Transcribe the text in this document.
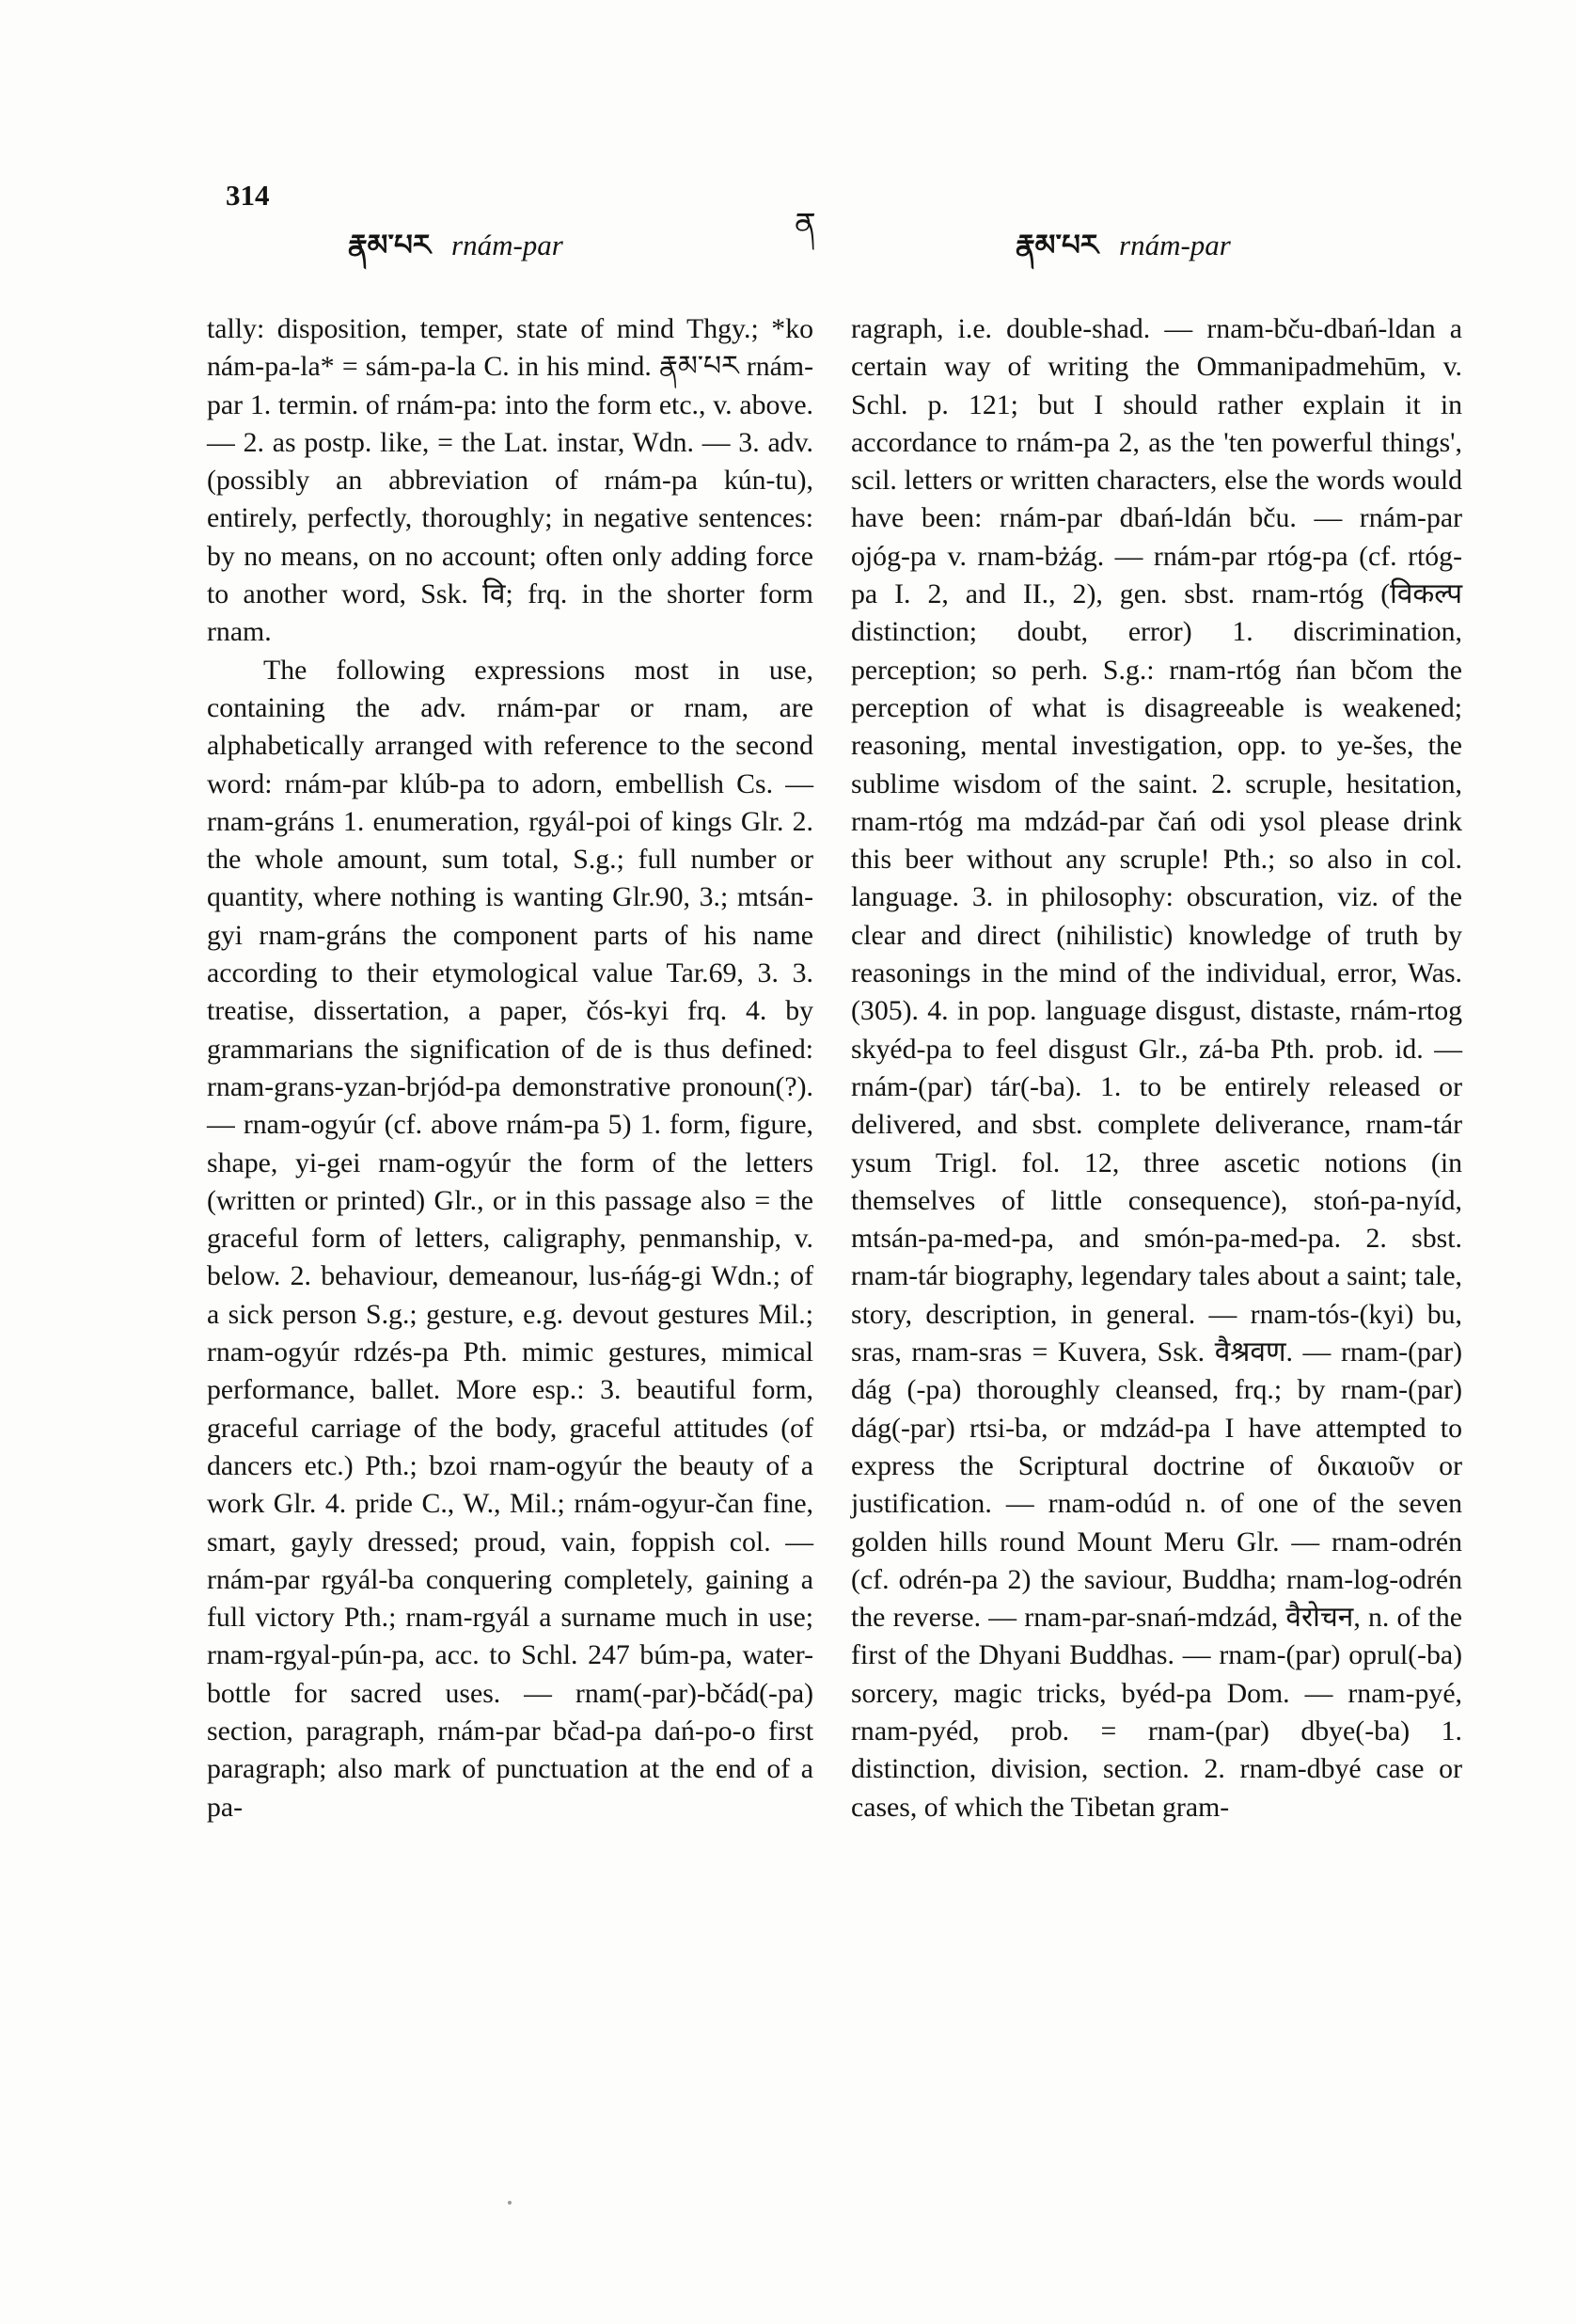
314
རྣམ་པར rnám-par
ན
རྣམ་པར rnám-par

tally: disposition, temper, state of mind Thgy.; *ko nám-pa-la* = sám-pa-la C. in his mind. རྣམ་པར rnám-par 1. termin. of rnám-pa: into the form etc., v. above. — 2. as postp. like, = the Lat. instar, Wdn. — 3. adv. (possibly an abbreviation of rnám-pa kún-tu), entirely, perfectly, thoroughly; in negative sentences: by no means, on no account; often only adding force to another word, Ssk. वि; frq. in the shorter form rnam.

The following expressions most in use, containing the adv. rnám-par or rnam, are alphabetically arranged with reference to the second word: rnám-par klúb-pa to adorn, embellish Cs. — rnam-gráns 1. enumeration, rgyál-poi of kings Glr. 2. the whole amount, sum total, S.g.; full number or quantity, where nothing is wanting Glr.90, 3.; mtsán-gyi rnam-gráns the component parts of his name according to their etymological value Tar.69, 3. 3. treatise, dissertation, a paper, čós-kyi frq. 4. by grammarians the signification of de is thus defined: rnam-grans-yzan-brjód-pa demonstrative pronoun(?). — rnam-ogyúr (cf. above rnám-pa 5) 1. form, figure, shape, yi-gei rnam-ogyúr the form of the letters (written or printed) Glr., or in this passage also = the graceful form of letters, caligraphy, penmanship, v. below. 2. behaviour, demeanour, lus-ńág-gi Wdn.; of a sick person S.g.; gesture, e.g. devout gestures Mil.; rnam-ogyúr rdzés-pa Pth. mimic gestures, mimical performance, ballet. More esp.: 3. beautiful form, graceful carriage of the body, graceful attitudes (of dancers etc.) Pth.; bzoi rnam-ogyúr the beauty of a work Glr. 4. pride C., W., Mil.; rnám-ogyur-čan fine, smart, gayly dressed; proud, vain, foppish col. — rnám-par rgyál-ba conquering completely, gaining a full victory Pth.; rnam-rgyál a surname much in use; rnam-rgyal-pún-pa, acc. to Schl. 247 búm-pa, water-bottle for sacred uses. — rnam(-par)-bčád(-pa) section, paragraph, rnám-par bčad-pa dań-po-o first paragraph; also mark of punctuation at the end of a pa-

ragraph, i.e. double-shad. — rnam-bču-dbań-ldan a certain way of writing the Ommanipadmehūm, v. Schl. p. 121; but I should rather explain it in accordance to rnám-pa 2, as the 'ten powerful things', scil. letters or written characters, else the words would have been: rnám-par dbań-ldán bču. — rnám-par ojóg-pa v. rnam-bżág. — rnám-par rtóg-pa (cf. rtóg-pa I. 2, and II., 2), gen. sbst. rnam-rtóg (विकल्प distinction; doubt, error) 1. discrimination, perception; so perh. S.g.: rnam-rtóg ńan bčom the perception of what is disagreeable is weakened; reasoning, mental investigation, opp. to ye-šes, the sublime wisdom of the saint. 2. scruple, hesitation, rnam-rtóg ma mdzád-par čań odi ysol please drink this beer without any scruple! Pth.; so also in col. language. 3. in philosophy: obscuration, viz. of the clear and direct (nihilistic) knowledge of truth by reasonings in the mind of the individual, error, Was. (305). 4. in pop. language disgust, distaste, rnám-rtog skyéd-pa to feel disgust Glr., zá-ba Pth. prob. id. — rnám-(par) tár(-ba). 1. to be entirely released or delivered, and sbst. complete deliverance, rnam-tár ysum Trigl. fol. 12, three ascetic notions (in themselves of little consequence), stoń-pa-nyíd, mtsán-pa-med-pa, and smón-pa-med-pa. 2. sbst. rnam-tár biography, legendary tales about a saint; tale, story, description, in general. — rnam-tós-(kyi) bu, sras, rnam-sras = Kuvera, Ssk. वैश्रवण. — rnam-(par) dág (-pa) thoroughly cleansed, frq.; by rnam-(par) dág(-par) rtsi-ba, or mdzád-pa I have attempted to express the Scriptural doctrine of δικαιοῦν or justification. — rnam-odúd n. of one of the seven golden hills round Mount Meru Glr. — rnam-odrén (cf. odrén-pa 2) the saviour, Buddha; rnam-log-odrén the reverse. — rnam-par-snań-mdzád, वैरोचन, n. of the first of the Dhyani Buddhas. — rnam-(par) oprul(-ba) sorcery, magic tricks, byéd-pa Dom. — rnam-pyé, rnam-pyéd, prob. = rnam-(par) dbye(-ba) 1. distinction, division, section. 2. rnam-dbyé case or cases, of which the Tibetan gram-
